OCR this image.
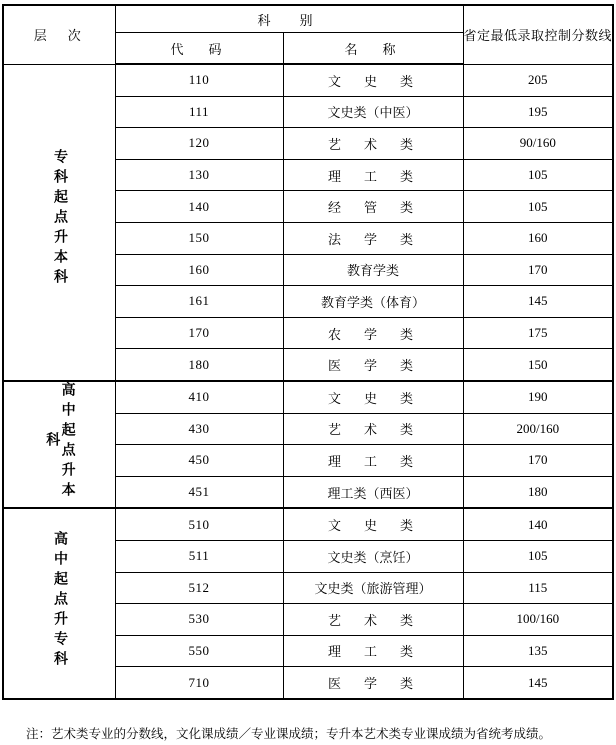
层　次	科　别		省定最低录取控制分数线
	代　码	名　称	
专科起点升本科	110	文　史　类	205
	111	文史类（中医）	195
	120	艺　术　类	90/160
	130	理　工　类	105
	140	经　管　类	105
	150	法　学　类	160
	160	教育学类	170
	161	教育学类（体育）	145
	170	农　学　类	175
	180	医　学　类	150
高中起点升本科	410	文　史　类	190
	430	艺　术　类	200/160
	450	理　工　类	170
	451	理工类（西医）	180
高中起点升专科	510	文　史　类	140
	511	文史类（烹饪）	105
	512	文史类（旅游管理）	115
	530	艺　术　类	100/160
	550	理　工　类	135
	710	医　学　类	145
注：艺术类专业的分数线，文化课成绩／专业课成绩；专升本艺术类专业课成绩为省统考成绩。
